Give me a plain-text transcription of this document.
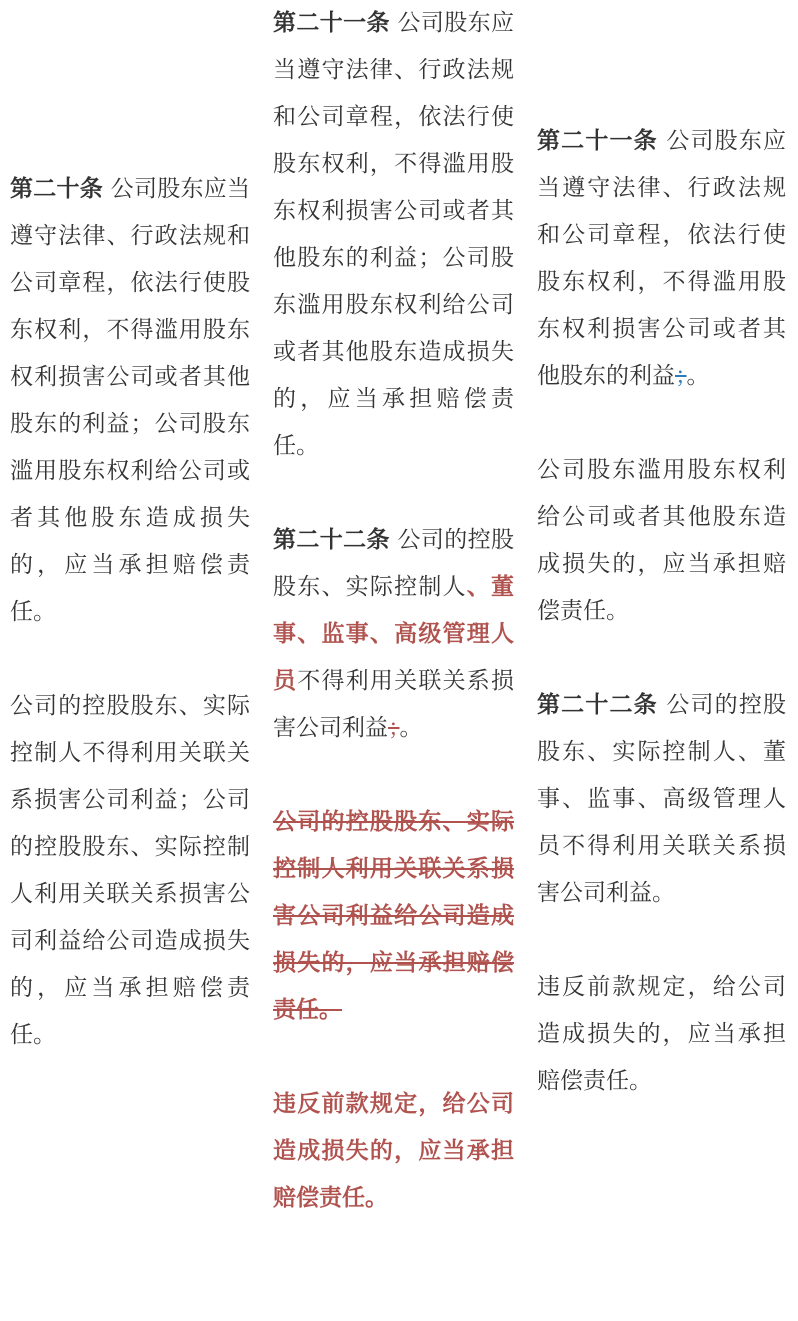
第二十条 公司股东应当遵守法律、行政法规和公司章程，依法行使股东权利，不得滥用股东权利损害公司或者其他股东的利益；公司股东滥用股东权利给公司或者其他股东造成损失的，应当承担赔偿责任。

公司的控股股东、实际控制人不得利用关联关系损害公司利益；公司的控股股东、实际控制人利用关联关系损害公司利益给公司造成损失的，应当承担赔偿责任。

第二十一条 公司股东应当遵守法律、行政法规和公司章程，依法行使股东权利，不得滥用股东权利损害公司或者其他股东的利益；公司股东滥用股东权利给公司或者其他股东造成损失的，应当承担赔偿责任。

第二十二条 公司的控股股东、实际控制人、董事、监事、高级管理人员不得利用关联关系损害公司利益；。

公司的控股股东、实际控制人利用关联关系损害公司利益给公司造成损失的，应当承担赔偿责任。

违反前款规定，给公司造成损失的，应当承担赔偿责任。

第二十一条 公司股东应当遵守法律、行政法规和公司章程，依法行使股东权利，不得滥用股东权利损害公司或者其他股东的利益；。

公司股东滥用股东权利给公司或者其他股东造成损失的，应当承担赔偿责任。

第二十二条 公司的控股股东、实际控制人、董事、监事、高级管理人员不得利用关联关系损害公司利益。

违反前款规定，给公司造成损失的，应当承担赔偿责任。
